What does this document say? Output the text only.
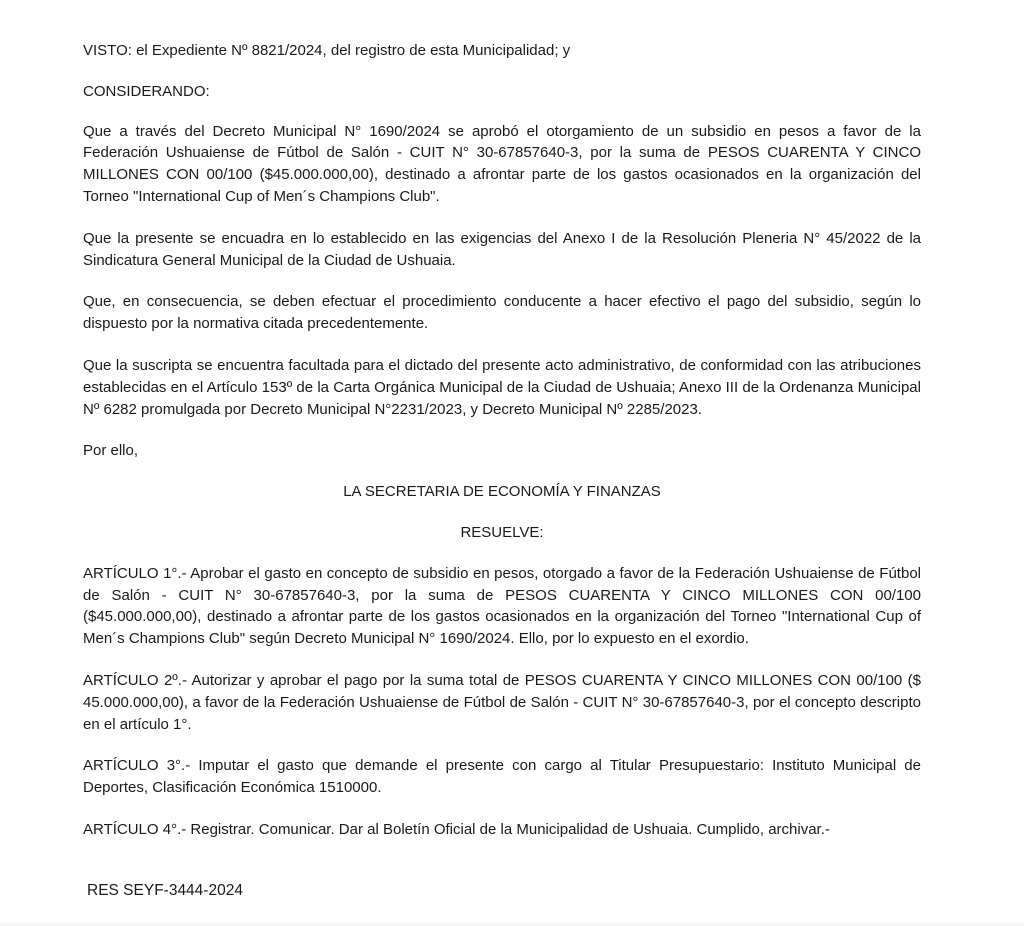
VISTO: el Expediente Nº 8821/2024, del registro de esta Municipalidad; y

CONSIDERANDO:

Que a través del Decreto Municipal N° 1690/2024 se aprobó el otorgamiento de un subsidio en pesos a favor de la Federación Ushuaiense de Fútbol de Salón - CUIT N° 30-67857640-3, por la suma de PESOS CUARENTA Y CINCO MILLONES CON 00/100 ($45.000.000,00), destinado a afrontar parte de los gastos ocasionados en la organización del Torneo "International Cup of Men´s Champions Club".

Que la presente se encuadra en lo establecido en las exigencias del Anexo I de la Resolución Pleneria N° 45/2022 de la Sindicatura General Municipal de la Ciudad de Ushuaia.

Que, en consecuencia, se deben efectuar el procedimiento conducente a hacer efectivo el pago del subsidio, según lo dispuesto por la normativa citada precedentemente.

Que la suscripta se encuentra facultada para el dictado del presente acto administrativo, de conformidad con las atribuciones establecidas en el Artículo 153º de la Carta Orgánica Municipal de la Ciudad de Ushuaia; Anexo III de la Ordenanza Municipal Nº 6282 promulgada por Decreto Municipal N°2231/2023, y Decreto Municipal Nº 2285/2023.

Por ello,

LA SECRETARIA DE ECONOMÍA Y FINANZAS

RESUELVE:

ARTÍCULO 1°.- Aprobar el gasto en concepto de subsidio en pesos, otorgado a favor de la Federación Ushuaiense de Fútbol de Salón - CUIT N° 30-67857640-3, por la suma de PESOS CUARENTA Y CINCO MILLONES CON 00/100 ($45.000.000,00), destinado a afrontar parte de los gastos ocasionados en la organización del Torneo "International Cup of Men´s Champions Club" según Decreto Municipal N° 1690/2024. Ello, por lo expuesto en el exordio.

ARTÍCULO 2º.- Autorizar y aprobar el pago por la suma total de PESOS CUARENTA Y CINCO MILLONES CON 00/100 ($ 45.000.000,00), a favor de la Federación Ushuaiense de Fútbol de Salón - CUIT N° 30-67857640-3, por el concepto descripto en el artículo 1°.

ARTÍCULO 3°.- Imputar el gasto que demande el presente con cargo al Titular Presupuestario: Instituto Municipal de Deportes, Clasificación Económica 1510000.

ARTÍCULO 4°.- Registrar. Comunicar. Dar al Boletín Oficial de la Municipalidad de Ushuaia. Cumplido, archivar.-

RES SEYF-3444-2024
